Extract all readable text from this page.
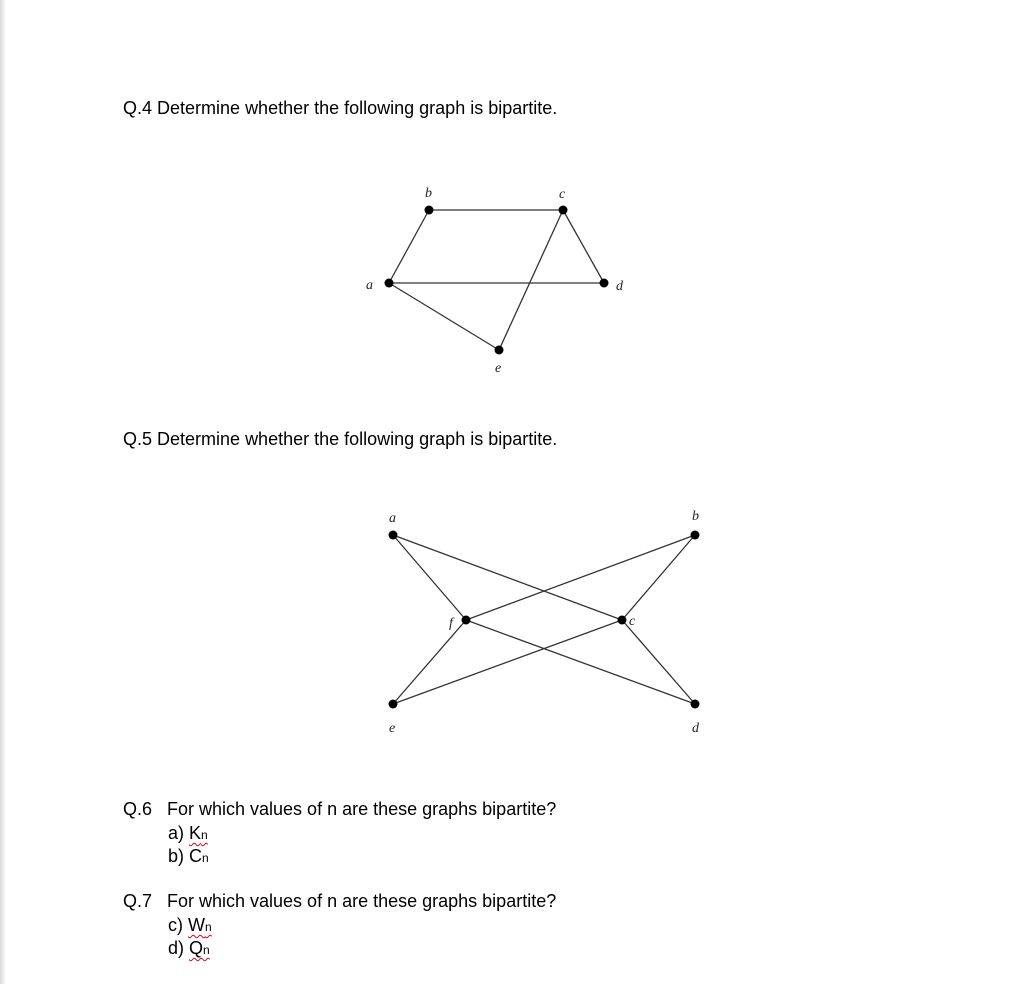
Q.4 Determine whether the following graph is bipartite.
b	c
a	d
e
a	b
f	c
e	d
Q.5 Determine whether the following graph is bipartite.
Q.6 For which values of n are these graphs bipartite?
a) Kn
b) Cn
Q.7 For which values of n are these graphs bipartite?
c) Wn
d) Qn
